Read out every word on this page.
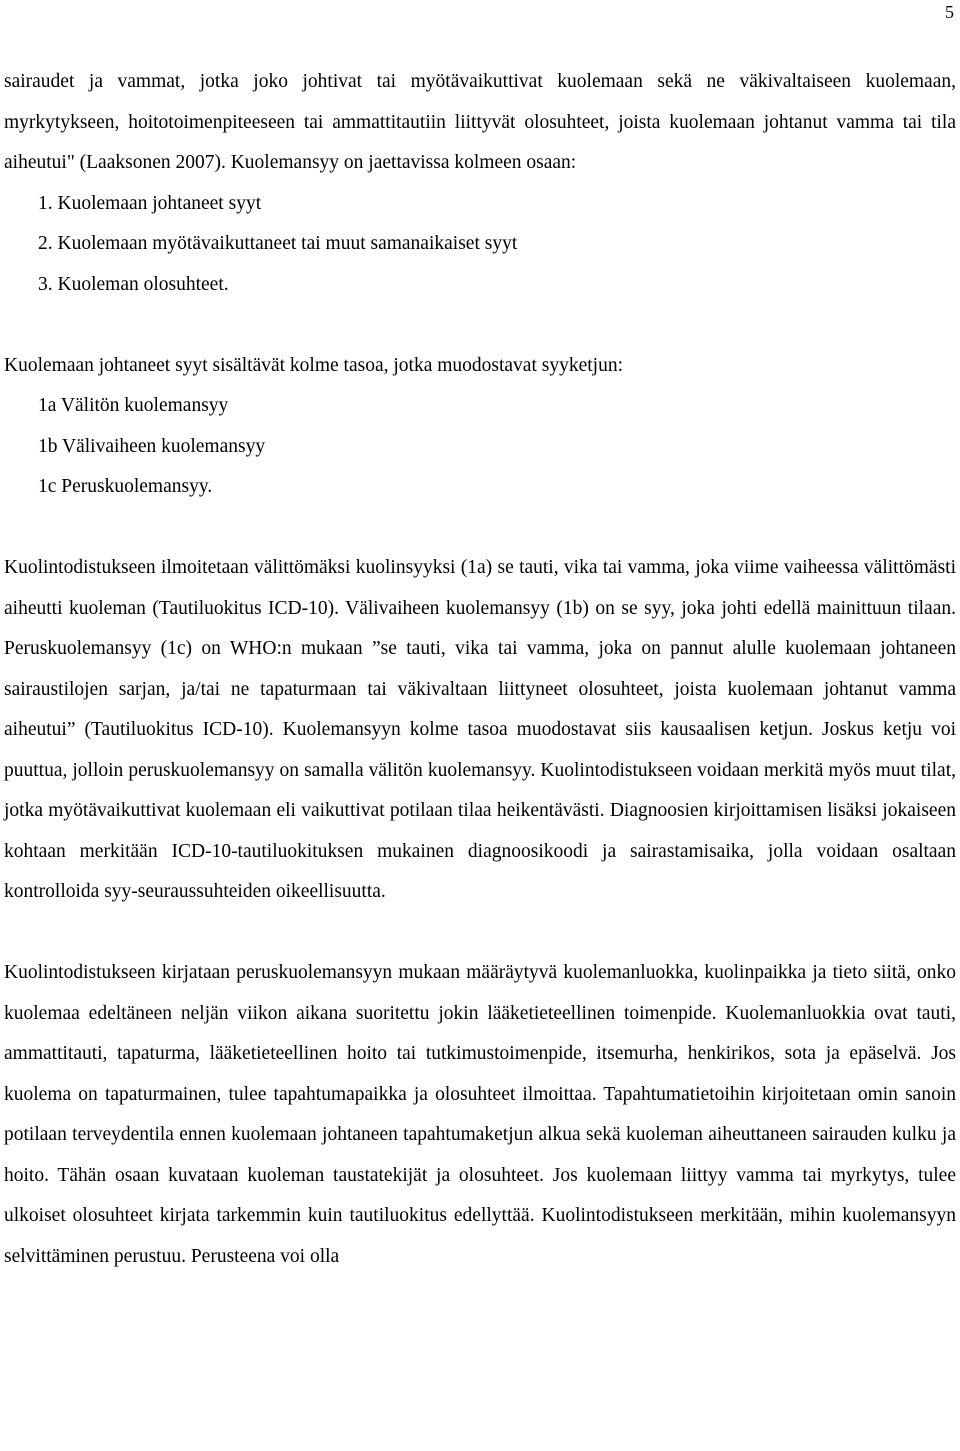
5

sairaudet ja vammat, jotka joko johtivat tai myötävaikuttivat kuolemaan sekä ne väkivaltaiseen kuolemaan, myrkytykseen, hoitotoimenpiteeseen tai ammattitautiin liittyvät olosuhteet, joista kuolemaan johtanut vamma tai tila aiheutui" (Laaksonen 2007). Kuolemansyy on jaettavissa kolmeen osaan:

1. Kuolemaan johtaneet syyt
2. Kuolemaan myötävaikuttaneet tai muut samanaikaiset syyt
3. Kuoleman olosuhteet.

Kuolemaan johtaneet syyt sisältävät kolme tasoa, jotka muodostavat syyketjun:

1a Välitön kuolemansyy
1b Välivaiheen kuolemansyy
1c Peruskuolemansyy.

Kuolintodistukseen ilmoitetaan välittömäksi kuolinsyyksi (1a) se tauti, vika tai vamma, joka viime vaiheessa välittömästi aiheutti kuoleman (Tautiluokitus ICD-10). Välivaiheen kuolemansyy (1b) on se syy, joka johti edellä mainittuun tilaan. Peruskuolemansyy (1c) on WHO:n mukaan ”se tauti, vika tai vamma, joka on pannut alulle kuolemaan johtaneen sairaustilojen sarjan, ja/tai ne tapaturmaan tai väkivaltaan liittyneet olosuhteet, joista kuolemaan johtanut vamma aiheutui” (Tautiluokitus ICD-10). Kuolemansyyn kolme tasoa muodostavat siis kausaalisen ketjun. Joskus ketju voi puuttua, jolloin peruskuolemansyy on samalla välitön kuolemansyy. Kuolintodistukseen voidaan merkitä myös muut tilat, jotka myötävaikuttivat kuolemaan eli vaikuttivat potilaan tilaa heikentävästi. Diagnoosien kirjoittamisen lisäksi jokaiseen kohtaan merkitään ICD-10-tautiluokituksen mukainen diagnoosikoodi ja sairastamisaika, jolla voidaan osaltaan kontrolloida syy-seuraussuhteiden oikeellisuutta.

Kuolintodistukseen kirjataan peruskuolemansyyn mukaan määräytyvä kuolemanluokka, kuolinpaikka ja tieto siitä, onko kuolemaa edeltäneen neljän viikon aikana suoritettu jokin lääketieteellinen toimenpide. Kuolemanluokkia ovat tauti, ammattitauti, tapaturma, lääketieteellinen hoito tai tutkimustoimenpide, itsemurha, henkirikos, sota ja epäselvä. Jos kuolema on tapaturmainen, tulee tapahtumapaikka ja olosuhteet ilmoittaa. Tapahtumatietoihin kirjoitetaan omin sanoin potilaan terveydentila ennen kuolemaan johtaneen tapahtumaketjun alkua sekä kuoleman aiheuttaneen sairauden kulku ja hoito. Tähän osaan kuvataan kuoleman taustatekijät ja olosuhteet. Jos kuolemaan liittyy vamma tai myrkytys, tulee ulkoiset olosuhteet kirjata tarkemmin kuin tautiluokitus edellyttää. Kuolintodistukseen merkitään, mihin kuolemansyyn selvittäminen perustuu. Perusteena voi olla
